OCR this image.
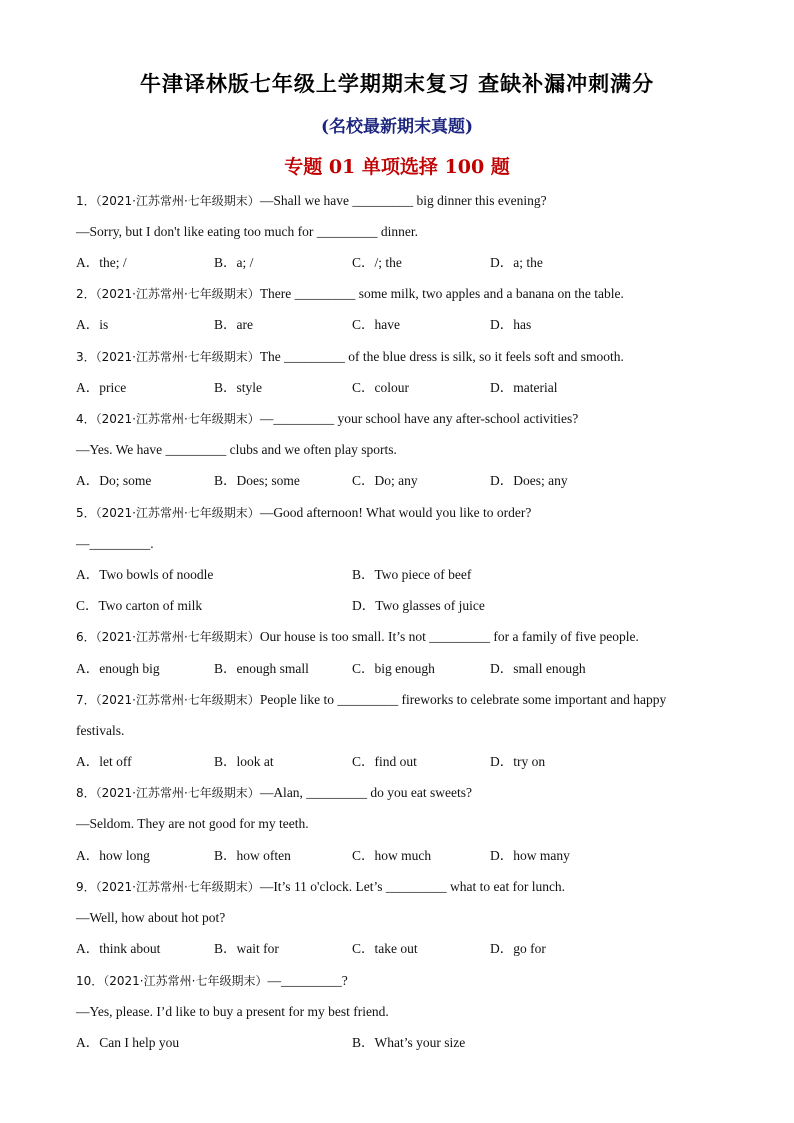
牛津译林版七年级上学期期末复习 查缺补漏冲刺满分
(名校最新期末真题)
专题 01 单项选择 100 题
1．（2021·江苏常州·七年级期末）—Shall we have _________ big dinner this evening?
—Sorry, but I don't like eating too much for _________ dinner.
A．the; /	B．a; /	C．/; the	D．a; the
2．（2021·江苏常州·七年级期末）There _________ some milk, two apples and a banana on the table.
A．is	B．are	C．have	D．has
3．（2021·江苏常州·七年级期末）The _________ of the blue dress is silk, so it feels soft and smooth.
A．price	B．style	C．colour	D．material
4．（2021·江苏常州·七年级期末）—_________ your school have any after-school activities?
—Yes. We have _________ clubs and we often play sports.
A．Do; some	B．Does; some	C．Do; any	D．Does; any
5．（2021·江苏常州·七年级期末）—Good afternoon! What would you like to order?
—_________.
A．Two bowls of noodle	B．Two piece of beef
C．Two carton of milk	D．Two glasses of juice
6．（2021·江苏常州·七年级期末）Our house is too small. It’s not _________ for a family of five people.
A．enough big	B．enough small	C．big enough	D．small enough
7．（2021·江苏常州·七年级期末）People like to _________ fireworks to celebrate some important and happy
festivals.
A．let off	B．look at	C．find out	D．try on
8．（2021·江苏常州·七年级期末）—Alan, _________ do you eat sweets?
—Seldom. They are not good for my teeth.
A．how long	B．how often	C．how much	D．how many
9．（2021·江苏常州·七年级期末）—It’s 11 o'clock. Let’s _________ what to eat for lunch.
—Well, how about hot pot?
A．think about	B．wait for	C．take out	D．go for
10．（2021·江苏常州·七年级期末）—_________?
—Yes, please. I’d like to buy a present for my best friend.
A．Can I help you	B．What’s your size
